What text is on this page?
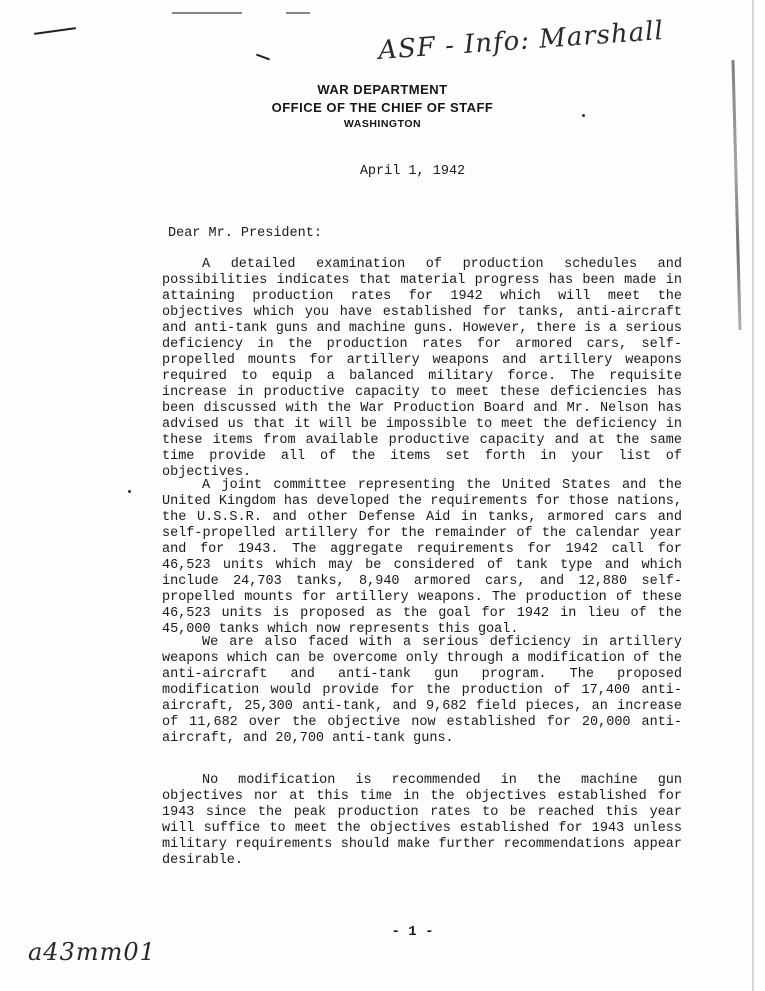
ASF - Info: Marshall
WAR DEPARTMENT
OFFICE OF THE CHIEF OF STAFF
WASHINGTON
April 1, 1942
Dear Mr. President:

A detailed examination of production schedules and possibilities indicates that material progress has been made in attaining production rates for 1942 which will meet the objectives which you have established for tanks, anti-aircraft and anti-tank guns and machine guns. However, there is a serious deficiency in the production rates for armored cars, self-propelled mounts for artillery weapons and artillery weapons required to equip a balanced military force. The requisite increase in productive capacity to meet these deficiencies has been discussed with the War Production Board and Mr. Nelson has advised us that it will be impossible to meet the deficiency in these items from available productive capacity and at the same time provide all of the items set forth in your list of objectives.

A joint committee representing the United States and the United Kingdom has developed the requirements for those nations, the U.S.S.R. and other Defense Aid in tanks, armored cars and self-propelled artillery for the remainder of the calendar year and for 1943. The aggregate requirements for 1942 call for 46,523 units which may be considered of tank type and which include 24,703 tanks, 8,940 armored cars, and 12,880 self-propelled mounts for artillery weapons. The production of these 46,523 units is proposed as the goal for 1942 in lieu of the 45,000 tanks which now represents this goal.

We are also faced with a serious deficiency in artillery weapons which can be overcome only through a modification of the anti-aircraft and anti-tank gun program. The proposed modification would provide for the production of 17,400 anti-aircraft, 25,300 anti-tank, and 9,682 field pieces, an increase of 11,682 over the objective now established for 20,000 anti-aircraft, and 20,700 anti-tank guns.

No modification is recommended in the machine gun objectives nor at this time in the objectives established for 1943 since the peak production rates to be reached this year will suffice to meet the objectives established for 1943 unless military requirements should make further recommendations appear desirable.

- 1 -
a43mm01
